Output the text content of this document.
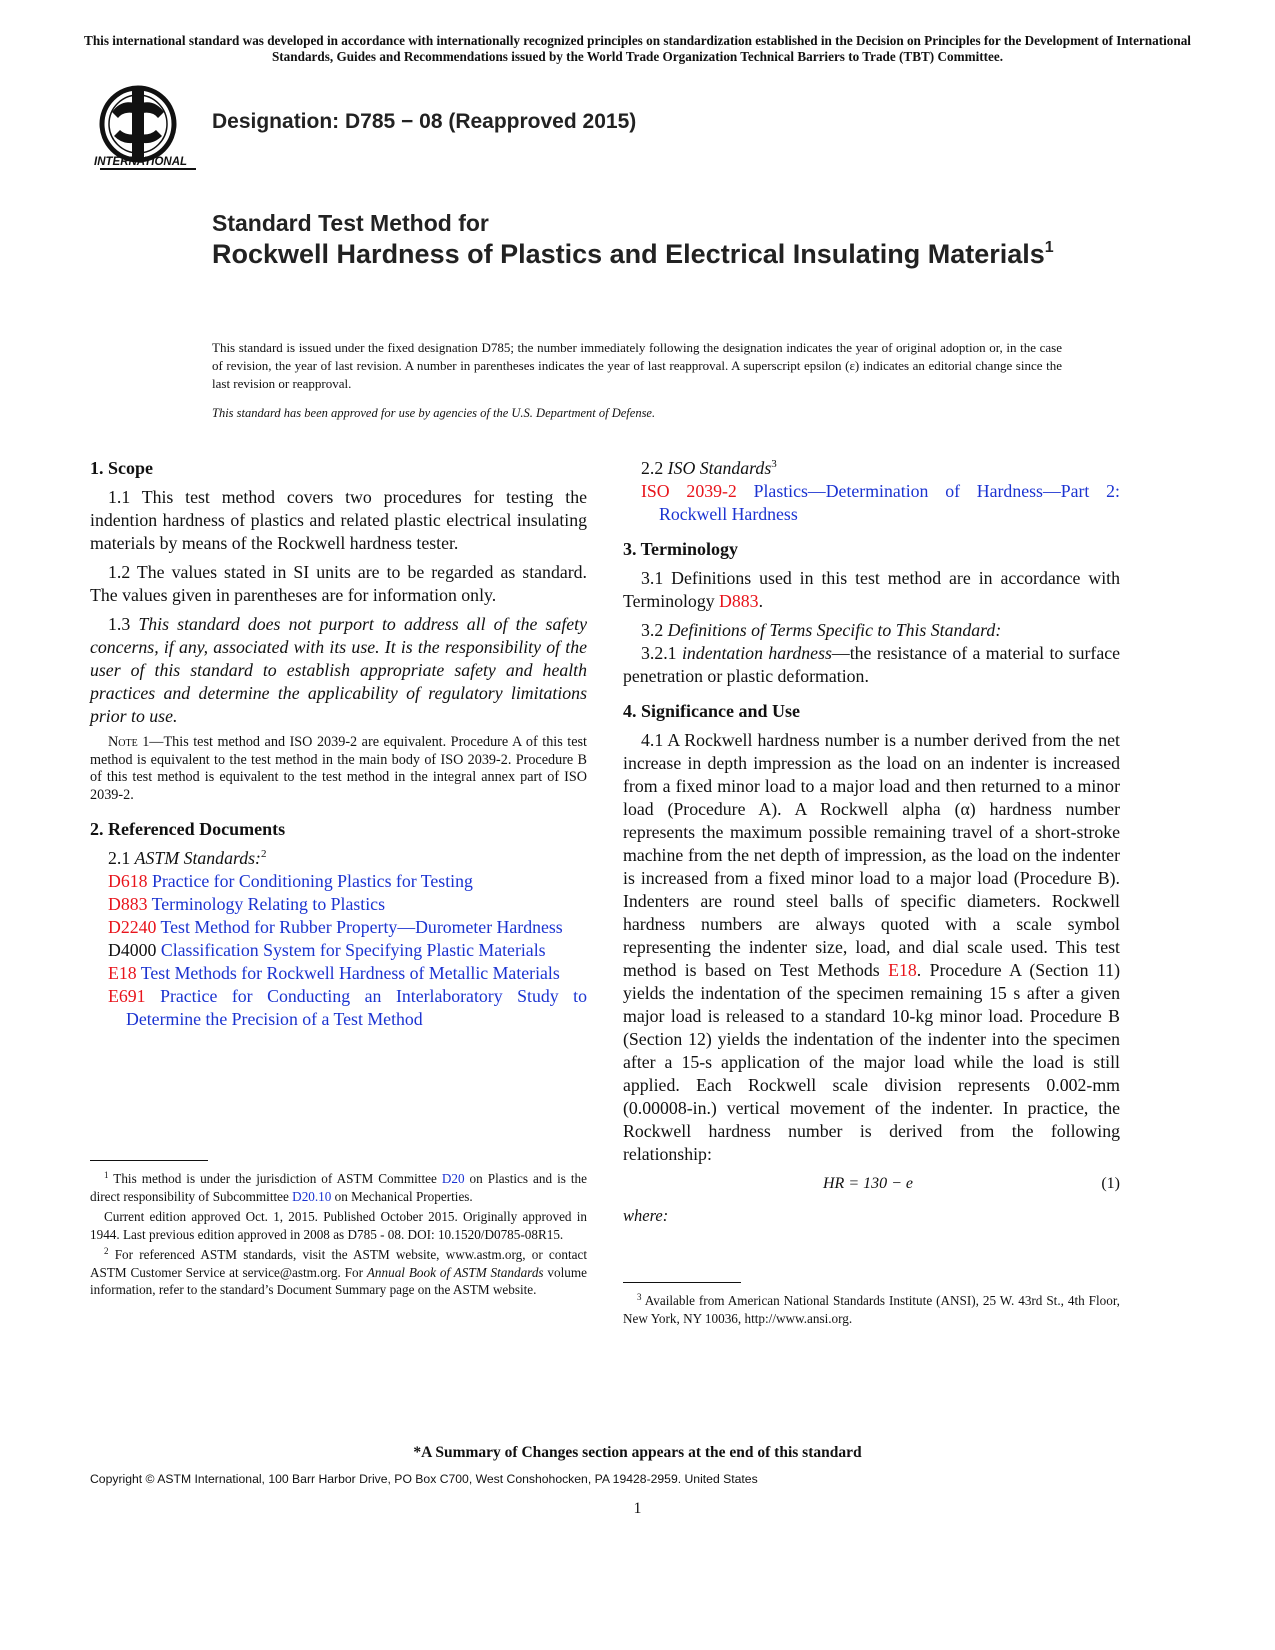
This international standard was developed in accordance with internationally recognized principles on standardization established in the Decision on Principles for the Development of International Standards, Guides and Recommendations issued by the World Trade Organization Technical Barriers to Trade (TBT) Committee.
INTERNATIONAL
Designation: D785 − 08 (Reapproved 2015)
Standard Test Method for
Rockwell Hardness of Plastics and Electrical Insulating Materials$^1$
This standard is issued under the fixed designation D785; the number immediately following the designation indicates the year of original adoption or, in the case of revision, the year of last revision. A number in parentheses indicates the year of last reapproval. A superscript epsilon (ε) indicates an editorial change since the last revision or reapproval.
This standard has been approved for use by agencies of the U.S. Department of Defense.

1. Scope

1.1 This test method covers two procedures for testing the indention hardness of plastics and related plastic electrical insulating materials by means of the Rockwell hardness tester.

1.2 The values stated in SI units are to be regarded as standard. The values given in parentheses are for information only.

1.3 This standard does not purport to address all of the safety concerns, if any, associated with its use. It is the responsibility of the user of this standard to establish appropriate safety and health practices and determine the applicability of regulatory limitations prior to use.

Note 1—This test method and ISO 2039-2 are equivalent. Procedure A of this test method is equivalent to the test method in the main body of ISO 2039-2. Procedure B of this test method is equivalent to the test method in the integral annex part of ISO 2039-2.

2. Referenced Documents

2.1 ASTM Standards:$^2$

D618 Practice for Conditioning Plastics for Testing

D883 Terminology Relating to Plastics

D2240 Test Method for Rubber Property—Durometer Hardness

D4000 Classification System for Specifying Plastic Materials

E18 Test Methods for Rockwell Hardness of Metallic Materials

E691 Practice for Conducting an Interlaboratory Study to Determine the Precision of a Test Method

$^1$ This method is under the jurisdiction of ASTM Committee D20 on Plastics and is the direct responsibility of Subcommittee D20.10 on Mechanical Properties.

Current edition approved Oct. 1, 2015. Published October 2015. Originally approved in 1944. Last previous edition approved in 2008 as D785 - 08. DOI: 10.1520/D0785-08R15.

$^2$ For referenced ASTM standards, visit the ASTM website, www.astm.org, or contact ASTM Customer Service at service@astm.org. For Annual Book of ASTM Standards volume information, refer to the standard’s Document Summary page on the ASTM website.

2.2 ISO Standards$^3$

ISO 2039-2 Plastics—Determination of Hardness—Part 2: Rockwell Hardness

3. Terminology

3.1 Definitions used in this test method are in accordance with Terminology D883.

3.2 Definitions of Terms Specific to This Standard:

3.2.1 indentation hardness—the resistance of a material to surface penetration or plastic deformation.

4. Significance and Use

4.1 A Rockwell hardness number is a number derived from the net increase in depth impression as the load on an indenter is increased from a fixed minor load to a major load and then returned to a minor load (Procedure A). A Rockwell alpha (α) hardness number represents the maximum possible remaining travel of a short-stroke machine from the net depth of impression, as the load on the indenter is increased from a fixed minor load to a major load (Procedure B). Indenters are round steel balls of specific diameters. Rockwell hardness numbers are always quoted with a scale symbol representing the indenter size, load, and dial scale used. This test method is based on Test Methods E18. Procedure A (Section 11) yields the indentation of the specimen remaining 15 s after a given major load is released to a standard 10-kg minor load. Procedure B (Section 12) yields the indentation of the indenter into the specimen after a 15-s application of the major load while the load is still applied. Each Rockwell scale division represents 0.002-mm (0.00008-in.) vertical movement of the indenter. In practice, the Rockwell hardness number is derived from the following relationship:

HR = 130 − e	(1)

where:

$^3$ Available from American National Standards Institute (ANSI), 25 W. 43rd St., 4th Floor, New York, NY 10036, http://www.ansi.org.

*A Summary of Changes section appears at the end of this standard
Copyright © ASTM International, 100 Barr Harbor Drive, PO Box C700, West Conshohocken, PA 19428-2959. United States
1
